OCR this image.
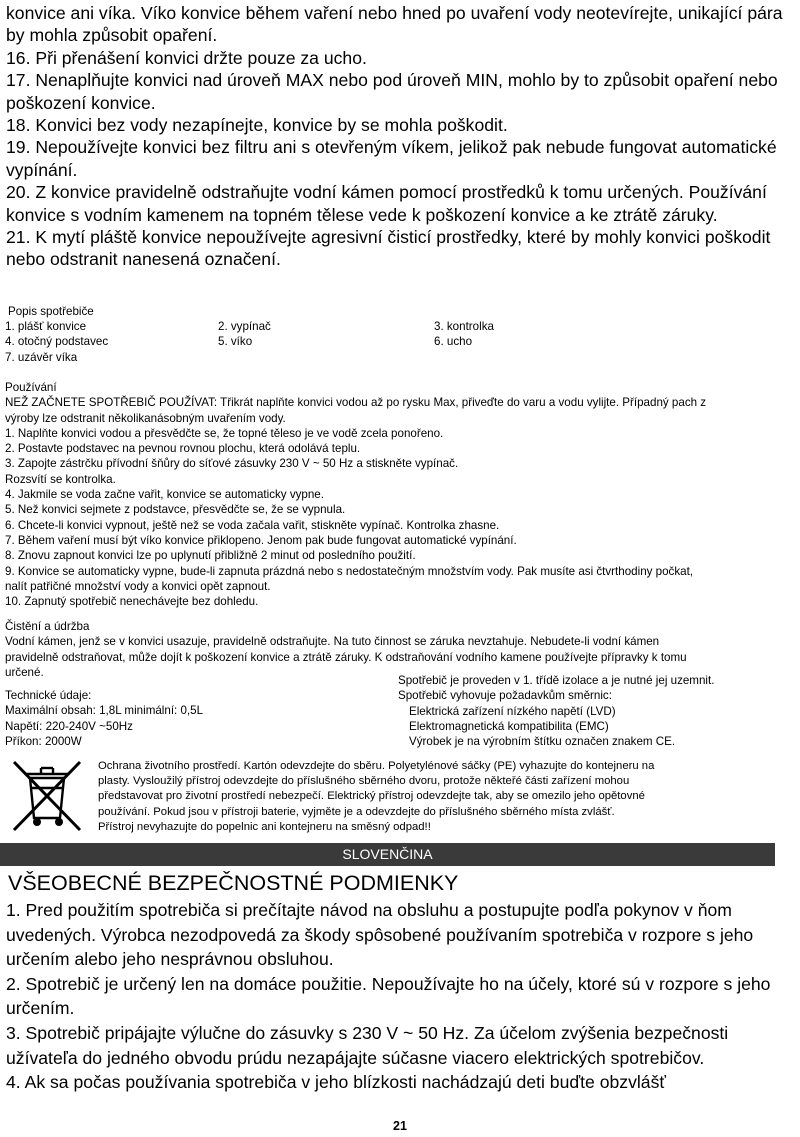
konvice ani víka. Víko konvice během vaření nebo hned po uvaření vody neotevírejte, unikající pára by mohla způsobit opaření.

16. Při přenášení konvici držte pouze za ucho.

17. Nenaplňujte konvici nad úroveň MAX nebo pod úroveň MIN, mohlo by to způsobit opaření nebo poškození konvice.

18. Konvici bez vody nezapínejte, konvice by se mohla poškodit.

19. Nepoužívejte konvici bez filtru ani s otevřeným víkem, jelikož pak nebude fungovat automatické vypínání.

20. Z konvice pravidelně odstraňujte vodní kámen pomocí prostředků k tomu určených. Používání konvice s vodním kamenem na topném tělese vede k poškození konvice a ke ztrátě záruky.

21. K mytí pláště konvice nepoužívejte agresivní čisticí prostředky, které by mohly konvici poškodit nebo odstranit nanesená označení.

Popis spotřebiče
1. plášť konvice	2. vypínač	3. kontrolka
4. otočný podstavec	5. víko	6. ucho
7. uzávěr víka

Používání

NEŽ ZAČNETE SPOTŘEBIČ POUŽÍVAT: Třikrát naplňte konvici vodou až po rysku Max, přiveďte do varu a vodu vylijte. Případný pach z

výroby lze odstranit několikanásobným uvařením vody.

1. Naplňte konvici vodou a přesvědčte se, že topné těleso je ve vodě zcela ponořeno.

2. Postavte podstavec na pevnou rovnou plochu, která odolává teplu.

3. Zapojte zástrčku přívodní šňůry do síťové zásuvky 230 V ~ 50 Hz a stiskněte vypínač.

Rozsvítí se kontrolka.

4. Jakmile se voda začne vařit, konvice se automaticky vypne.

5. Než konvici sejmete z podstavce, přesvědčte se, že se vypnula.

6. Chcete-li konvici vypnout, ještě než se voda začala vařit, stiskněte vypínač. Kontrolka zhasne.

7. Během vaření musí být víko konvice přiklopeno. Jenom pak bude fungovat automatické vypínání.

8. Znovu zapnout konvici lze po uplynutí přibližně 2 minut od posledního použití.

9. Konvice se automaticky vypne, bude-li zapnuta prázdná nebo s nedostatečným množstvím vody. Pak musíte asi čtvrthodiny počkat,

nalít patřičné množství vody a konvici opět zapnout.

10. Zapnutý spotřebič nenechávejte bez dohledu.

Čistění a údržba

Vodní kámen, jenž se v konvici usazuje, pravidelně odstraňujte. Na tuto činnost se záruka nevztahuje. Nebudete-li vodní kámen

pravidelně odstraňovat, může dojít k poškození konvice a ztrátě záruky. K odstraňování vodního kamene používejte přípravky k tomu

určené.

Technické údaje:
Maximální obsah: 1,8L minimální: 0,5L
Napětí: 220-240V ~50Hz
Příkon: 2000W
Spotřebič je proveden v 1. třídě izolace a je nutné jej uzemnit.
Spotřebič vyhovuje požadavkům směrnic:
Elektrická zařízení nízkého napětí (LVD)
Elektromagnetická kompatibilita (EMC)
Výrobek je na výrobním štítku označen znakem CE.
Ochrana životního prostředí. Kartón odevzdejte do sběru. Polyetylénové sáčky (PE) vyhazujte do kontejneru na
plasty. Vysloužilý přístroj odevzdejte do příslušného sběrného dvoru, protože někteřé části zařízení mohou
představovat pro životní prostředí nebezpečí. Elektrický přístroj odevzdejte tak, aby se omezilo jeho opětovné
používání. Pokud jsou v přístroji baterie, vyjměte je a odevzdejte do příslušného sběrného místa zvlášť.
Přístroj nevyhazujte do popelnic ani kontejneru na směsný odpad!!
SLOVENČINA
VŠEOBECNÉ BEZPEČNOSTNÉ PODMIENKY

1. Pred použitím spotrebiča si prečítajte návod na obsluhu a postupujte podľa pokynov v ňom uvedených. Výrobca nezodpovedá za škody spôsobené používaním spotrebiča v rozpore s jeho určením alebo jeho nesprávnou obsluhou.

2. Spotrebič je určený len na domáce použitie. Nepoužívajte ho na účely, ktoré sú v rozpore s jeho určením.

3. Spotrebič pripájajte výlučne do zásuvky s 230 V ~ 50 Hz. Za účelom zvýšenia bezpečnosti užívateľa do jedného obvodu prúdu nezapájajte súčasne viacero elektrických spotrebičov.

4. Ak sa počas používania spotrebiča v jeho blízkosti nachádzajú deti buďte obzvlášť

21
